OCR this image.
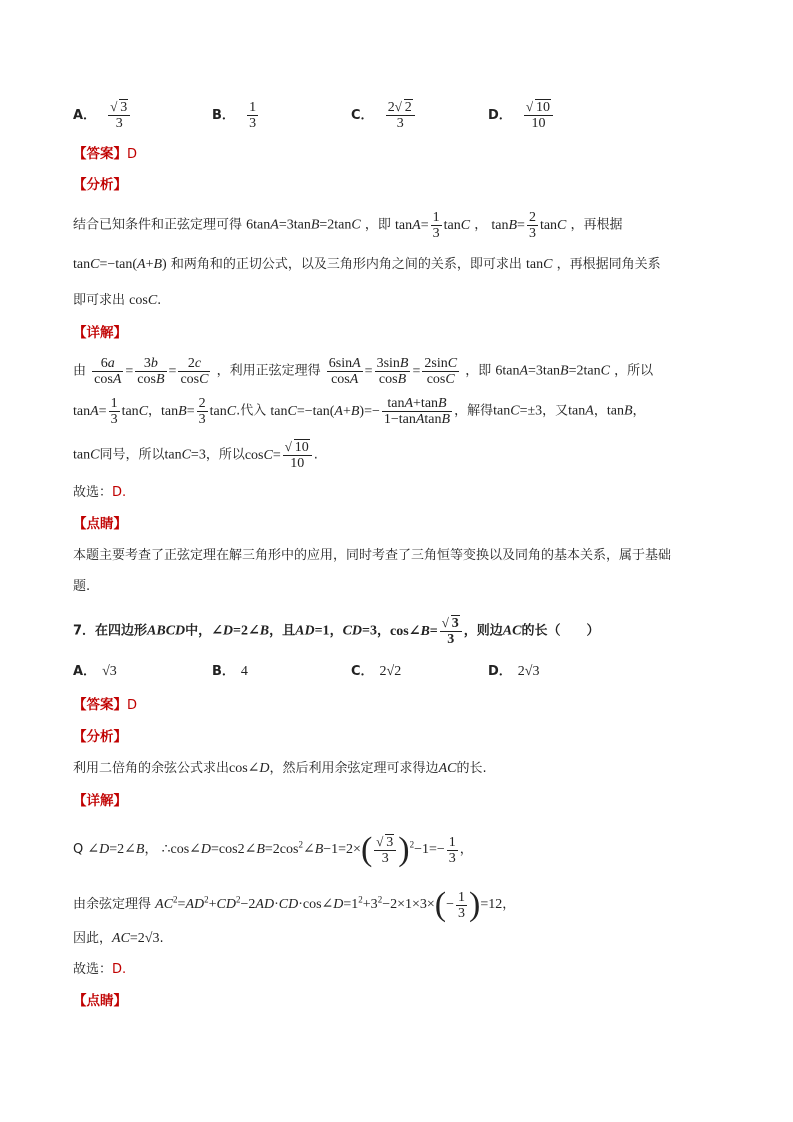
A． √ $\frac{3}{3}$	B． $\frac{1}{3}$	C． $\frac{2 √ 2}{3}$	D． √ $\frac{10}{10}$
【答案】D
【分析】
结合已知条件和正弦定理可得 6tanA=3tanB=2tanC ，即 $\tan A= \frac{1}{3}$ tanC ， $\tan B= \frac{2}{3}$ tanC ，再根据
tanC=−tan(A+B) 和两角和的正切公式，以及三角形内角之间的关系，即可求出 tanC ，再根据同角关系
即可求出 cosC.
【详解】
由 $\frac{6a}{\cos A} = \frac{3b}{\cos B} = \frac{2c}{\cos C}$ ，利用正弦定理得 $\frac{6\sin A}{\cos A} = \frac{3\sin B}{\cos B} = \frac{2\sin C}{\cos C}$ ，即 6tanA=3tanB=2tanC ，所以
$\tan A= \frac{1}{3}$ tanC，$\tan B= \frac{2}{3} \tan C$.代入 $\tan C=-\tan(A+B)=- \frac{\tan A+\tan B}{\text{1−tanAtanB}}$ ，解得tanC=±3，又tanA，tanB，
tanC同号，所以tanC=3，所以cosC= √ $\frac{10}{10}$ .
故选：D.
【点睛】
本题主要考查了正弦定理在解三角形中的应用，同时考查了三角恒等变换以及同角的基本关系，属于基础
题.
7．在四边形ABCD中，∠D=2∠B，且AD=1，CD=3，cos∠B= √ $\frac{3}{3}$ ，则边AC的长（　　）
A． √3	B． 4	C． 2√2	D． 2√3
【答案】D
【分析】
利用二倍角的余弦公式求出cos∠D，然后利用余弦定理可求得边AC的长.
【详解】
Q ∠D=2∠B， $\therefore\cos\angle D=\cos 2\angle B=2\cos^2\angle B-1=2\times$( √ $\frac{3}{3} )^2-1=- \frac{1}{3}$ ，
由余弦定理得 $AC^2=AD^2+CD^2-2AD\cdot CD\cdot\cos\angle D=1^2+3^2-2\times 1\times 3\times(- \frac{1}{3} )=12$，
因此，AC=2√3.
故选：D.
【点睛】
